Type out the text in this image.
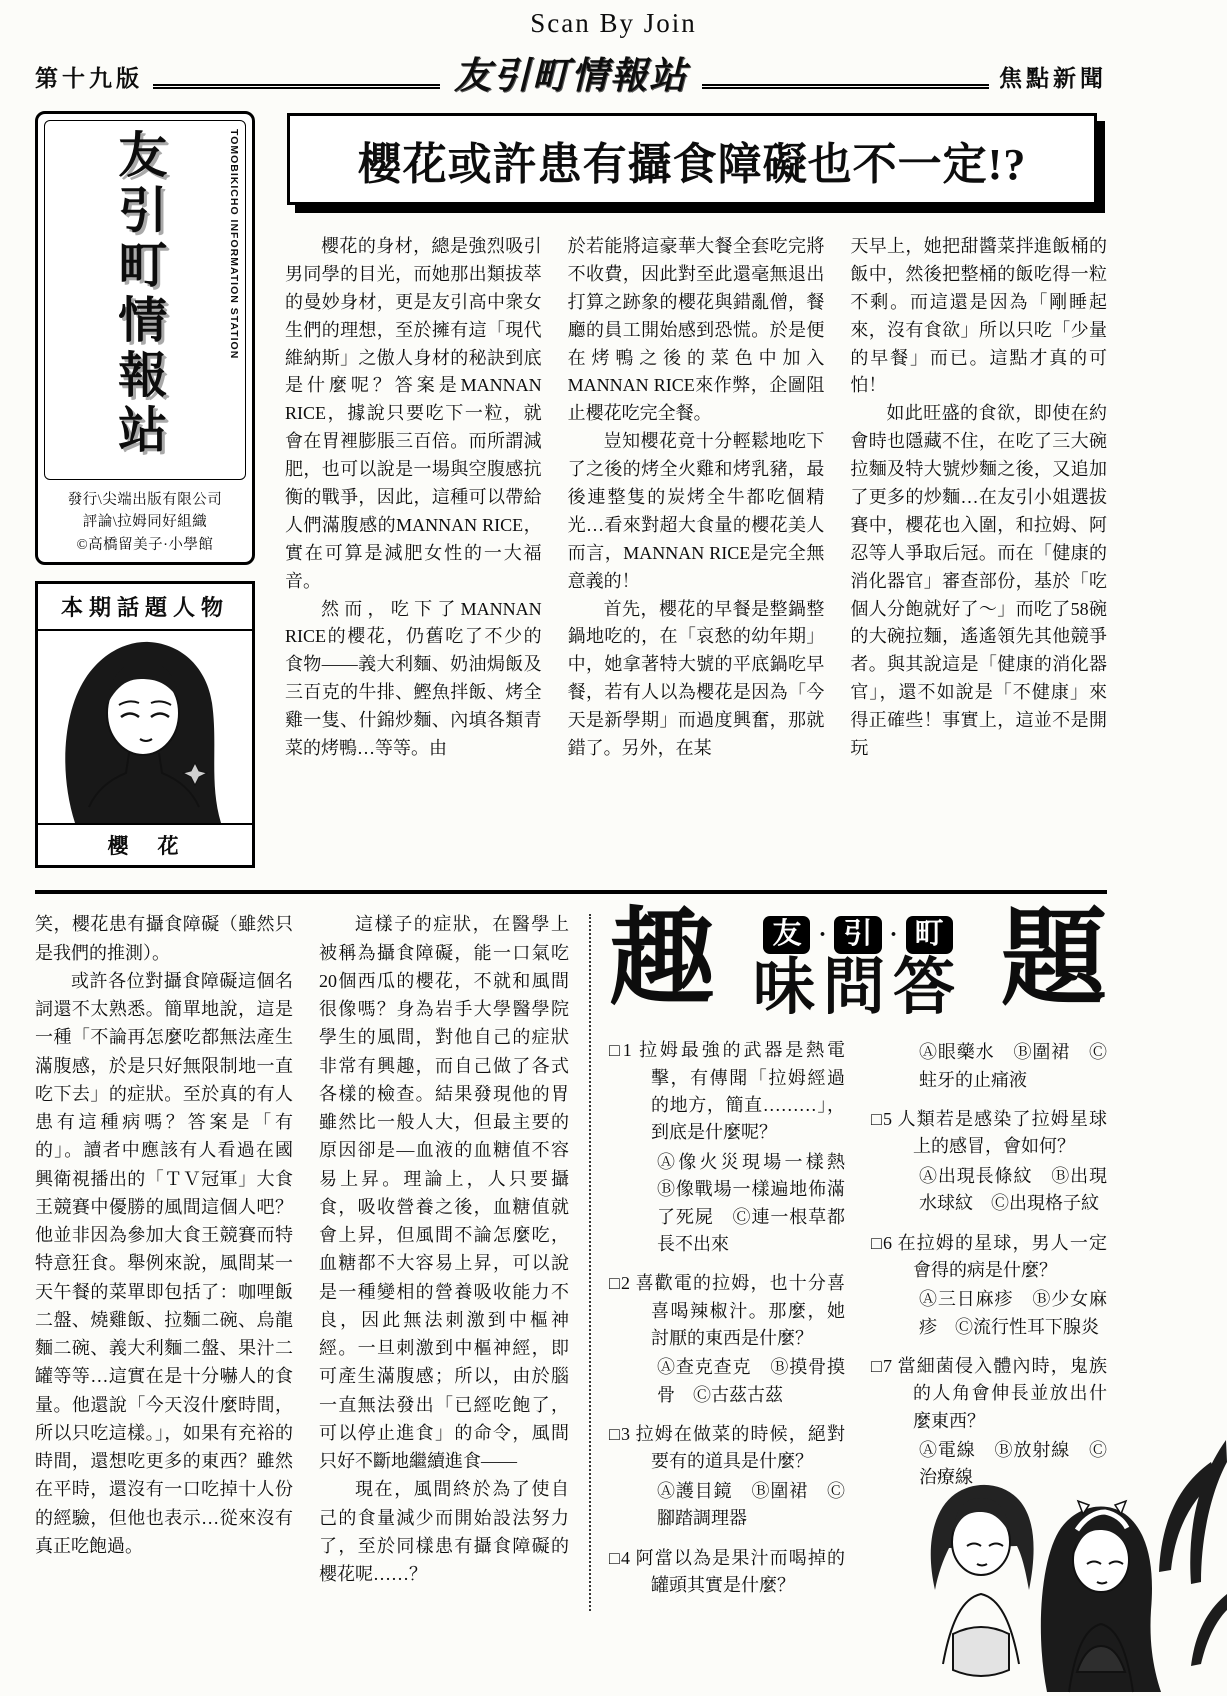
Scan By Join
第十九版	友引町情報站	焦點新聞
友引町情報站	TOMOBIKICHO INFORMATION STATION
發行\尖端出版有限公司
評論\拉姆同好組織
©高橋留美子·小學館
本期話題人物
櫻　花
櫻花或許患有攝食障礙也不一定!?

櫻花的身材，總是強烈吸引男同學的目光，而她那出類拔萃的曼妙身材，更是友引高中衆女生們的理想，至於擁有這「現代維納斯」之傲人身材的秘訣到底是什麼呢？答案是MANNAN RICE，據說只要吃下一粒，就會在胃裡膨脹三百倍。而所謂減肥，也可以說是一場與空腹感抗衡的戰爭，因此，這種可以帶給人們滿腹感的MANNAN RICE，實在可算是減肥女性的一大福音。

然而，吃下了MANNAN RICE的櫻花，仍舊吃了不少的食物——義大利麵、奶油焗飯及三百克的牛排、鰹魚拌飯、烤全雞一隻、什錦炒麵、內填各類青菜的烤鴨…等等。由

於若能將這豪華大餐全套吃完將不收費，因此對至此還毫無退出打算之跡象的櫻花與錯亂僧，餐廳的員工開始感到恐慌。於是便在烤鴨之後的菜色中加入MANNAN RICE來作弊，企圖阻止櫻花吃完全餐。

豈知櫻花竟十分輕鬆地吃下了之後的烤全火雞和烤乳豬，最後連整隻的炭烤全牛都吃個精光…看來對超大食量的櫻花美人而言，MANNAN RICE是完全無意義的！

首先，櫻花的早餐是整鍋整鍋地吃的，在「哀愁的幼年期」中，她拿著特大號的平底鍋吃早餐，若有人以為櫻花是因為「今天是新學期」而過度興奮，那就錯了。另外，在某

天早上，她把甜醬菜拌進飯桶的飯中，然後把整桶的飯吃得一粒不剩。而這還是因為「剛睡起來，沒有食欲」所以只吃「少量的早餐」而已。這點才真的可怕！

如此旺盛的食欲，即使在約會時也隱藏不住，在吃了三大碗拉麵及特大號炒麵之後，又追加了更多的炒麵…在友引小姐選拔賽中，櫻花也入圍，和拉姆、阿忍等人爭取后冠。而在「健康的消化器官」審查部份，基於「吃個人分飽就好了～」而吃了58碗的大碗拉麵，遙遙領先其他競爭者。與其說這是「健康的消化器官」，還不如說是「不健康」來得正確些！事實上，這並不是開玩

笑，櫻花患有攝食障礙（雖然只是我們的推測）。

或許各位對攝食障礙這個名詞還不太熟悉。簡單地說，這是一種「不論再怎麼吃都無法產生滿腹感，於是只好無限制地一直吃下去」的症狀。至於真的有人患有這種病嗎？答案是「有的」。讀者中應該有人看過在國興衛視播出的「ＴＶ冠軍」大食王競賽中優勝的風間這個人吧？他並非因為參加大食王競賽而特特意狂食。舉例來說，風間某一天午餐的菜單即包括了：咖哩飯二盤、燒雞飯、拉麵二碗、烏龍麵二碗、義大利麵二盤、果汁二罐等等…這實在是十分嚇人的食量。他還說「今天沒什麼時間，所以只吃這樣。」，如果有充裕的時間，還想吃更多的東西？雖然在平時，還沒有一口吃掉十人份的經驗，但他也表示…從來沒有真正吃飽過。

這樣子的症狀，在醫學上被稱為攝食障礙，能一口氣吃20個西瓜的櫻花，不就和風間很像嗎？身為岩手大學醫學院學生的風間，對他自己的症狀非常有興趣，而自己做了各式各樣的檢查。結果發現他的胃雖然比一般人大，但最主要的原因卻是—血液的血糖值不容易上昇。理論上，人只要攝食，吸收營養之後，血糖值就會上昇，但風間不論怎麼吃，血糖都不大容易上昇，可以說是一種變相的營養吸收能力不良，因此無法刺激到中樞神經。一旦刺激到中樞神經，即可產生滿腹感；所以，由於腦一直無法發出「已經吃飽了，可以停止進食」的命令，風間只好不斷地繼續進食——

現在，風間終於為了使自己的食量減少而開始設法努力了，至於同樣患有攝食障礙的櫻花呢……？

趣	友 · 引 · 町
味問答 題
□1 拉姆最強的武器是熱電擊，有傳聞「拉姆經過的地方，簡直………」，到底是什麼呢？
Ⓐ像火災現場一樣熱　Ⓑ像戰場一樣遍地佈滿了死屍　Ⓒ連一根草都長不出來
□2 喜歡電的拉姆，也十分喜喜喝辣椒汁。那麼，她討厭的東西是什麼？
Ⓐ查克查克　Ⓑ摸骨摸骨　Ⓒ古茲古茲
□3 拉姆在做菜的時候，絕對要有的道具是什麼？
Ⓐ護目鏡　Ⓑ圍裙　Ⓒ腳踏調理器
□4 阿當以為是果汁而喝掉的罐頭其實是什麼？
Ⓐ眼藥水　Ⓑ圍裙　Ⓒ蛀牙的止痛液
□5 人類若是感染了拉姆星球上的感冒，會如何？
Ⓐ出現長條紋　Ⓑ出現水球紋　Ⓒ出現格子紋
□6 在拉姆的星球，男人一定會得的病是什麼？
Ⓐ三日麻疹　Ⓑ少女麻疹　Ⓒ流行性耳下腺炎
□7 當細菌侵入體內時，鬼族的人角會伸長並放出什麼東西？
Ⓐ電線　Ⓑ放射線　Ⓒ治療線
